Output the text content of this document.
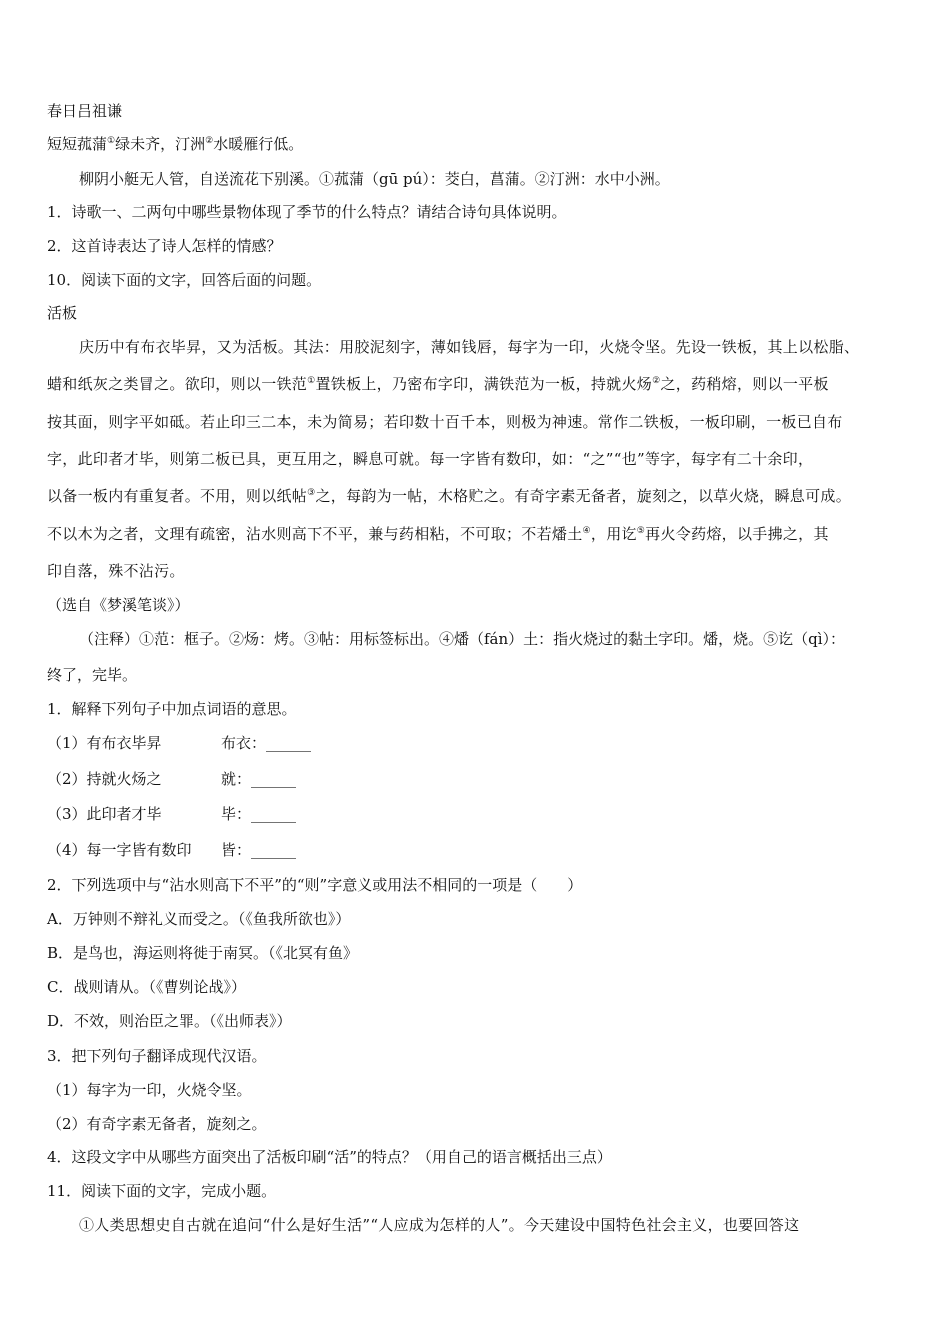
春日吕祖谦
短短菰蒲①绿未齐，汀洲②水暖雁行低。
柳阴小艇无人管，自送流花下别溪。①菰蒲（gū pú）：茭白，菖蒲。②汀洲：水中小洲。
1．诗歌一、二两句中哪些景物体现了季节的什么特点？请结合诗句具体说明。
2．这首诗表达了诗人怎样的情感？
10．阅读下面的文字，回答后面的问题。
活板
庆历中有布衣毕昇，又为活板。其法：用胶泥刻字，薄如钱唇，每字为一印，火烧令坚。先设一铁板，其上以松脂、
蜡和纸灰之类冒之。欲印，则以一铁范①置铁板上，乃密布字印，满铁范为一板，持就火炀②之，药稍熔，则以一平板
按其面，则字平如砥。若止印三二本，未为简易；若印数十百千本，则极为神速。常作二铁板，一板印刷，一板已自布
字，此印者才毕，则第二板已具，更互用之，瞬息可就。每一字皆有数印，如：“之”“也”等字，每字有二十余印，
以备一板内有重复者。不用，则以纸帖③之，每韵为一帖，木格贮之。有奇字素无备者，旋刻之，以草火烧，瞬息可成。
不以木为之者，文理有疏密，沾水则高下不平，兼与药相粘，不可取；不若燔土④，用讫⑤再火令药熔，以手拂之，其
印自落，殊不沾污。
（选自《梦溪笔谈》）
（注释）①范：框子。②炀：烤。③帖：用标签标出。④燔（fán）土：指火烧过的黏土字印。燔，烧。⑤讫（qì）：
终了，完毕。
1．解释下列句子中加点词语的意思。
（1）有布衣毕昇	布衣：______
（2）持就火炀之	就：______
（3）此印者才毕	毕：______
（4）每一字皆有数印 皆：______
2．下列选项中与“沾水则高下不平”的“则”字意义或用法不相同的一项是（　　）
A．万钟则不辩礼义而受之。（《鱼我所欲也》）
B．是鸟也，海运则将徙于南冥。（《北冥有鱼》
C．战则请从。（《曹刿论战》）
D．不效，则治臣之罪。（《出师表》）
3．把下列句子翻译成现代汉语。
（1）每字为一印，火烧令坚。
（2）有奇字素无备者，旋刻之。
4．这段文字中从哪些方面突出了活板印刷“活”的特点？（用自己的语言概括出三点）
11．阅读下面的文字，完成小题。
①人类思想史自古就在追问“什么是好生活”“人应成为怎样的人”。今天建设中国特色社会主义，也要回答这
